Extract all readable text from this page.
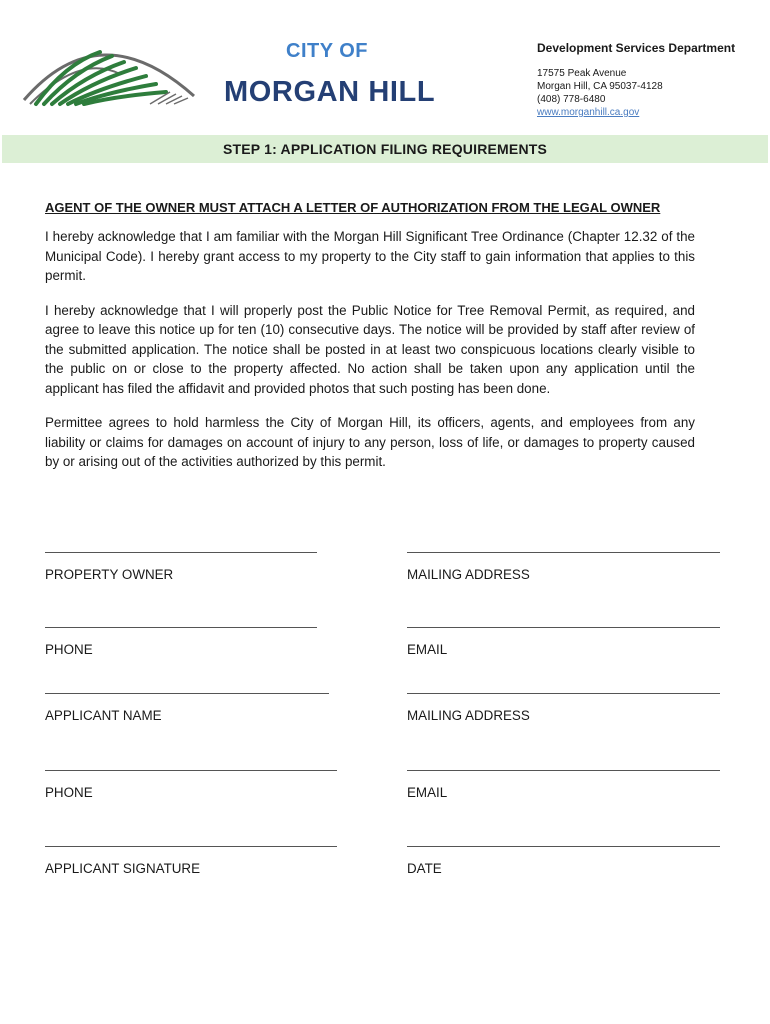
CITY OF
MORGAN HILL
Development Services Department
17575 Peak Avenue
Morgan Hill, CA 95037-4128
(408) 778-6480
www.morganhill.ca.gov
STEP 1: APPLICATION FILING REQUIREMENTS
AGENT OF THE OWNER MUST ATTACH A LETTER OF AUTHORIZATION FROM THE LEGAL OWNER

I hereby acknowledge that I am familiar with the Morgan Hill Significant Tree Ordinance (Chapter 12.32 of the Municipal Code). I hereby grant access to my property to the City staff to gain information that applies to this permit.

I hereby acknowledge that I will properly post the Public Notice for Tree Removal Permit, as required, and agree to leave this notice up for ten (10) consecutive days. The notice will be provided by staff after review of the submitted application. The notice shall be posted in at least two conspicuous locations clearly visible to the public on or close to the property affected. No action shall be taken upon any application until the applicant has filed the affidavit and provided photos that such posting has been done.

Permittee agrees to hold harmless the City of Morgan Hill, its officers, agents, and employees from any liability or claims for damages on account of injury to any person, loss of life, or damages to property caused by or arising out of the activities authorized by this permit.

PROPERTY OWNER	MAILING ADDRESS
PHONE	EMAIL
APPLICANT NAME	MAILING ADDRESS
PHONE	EMAIL
APPLICANT SIGNATURE	DATE
